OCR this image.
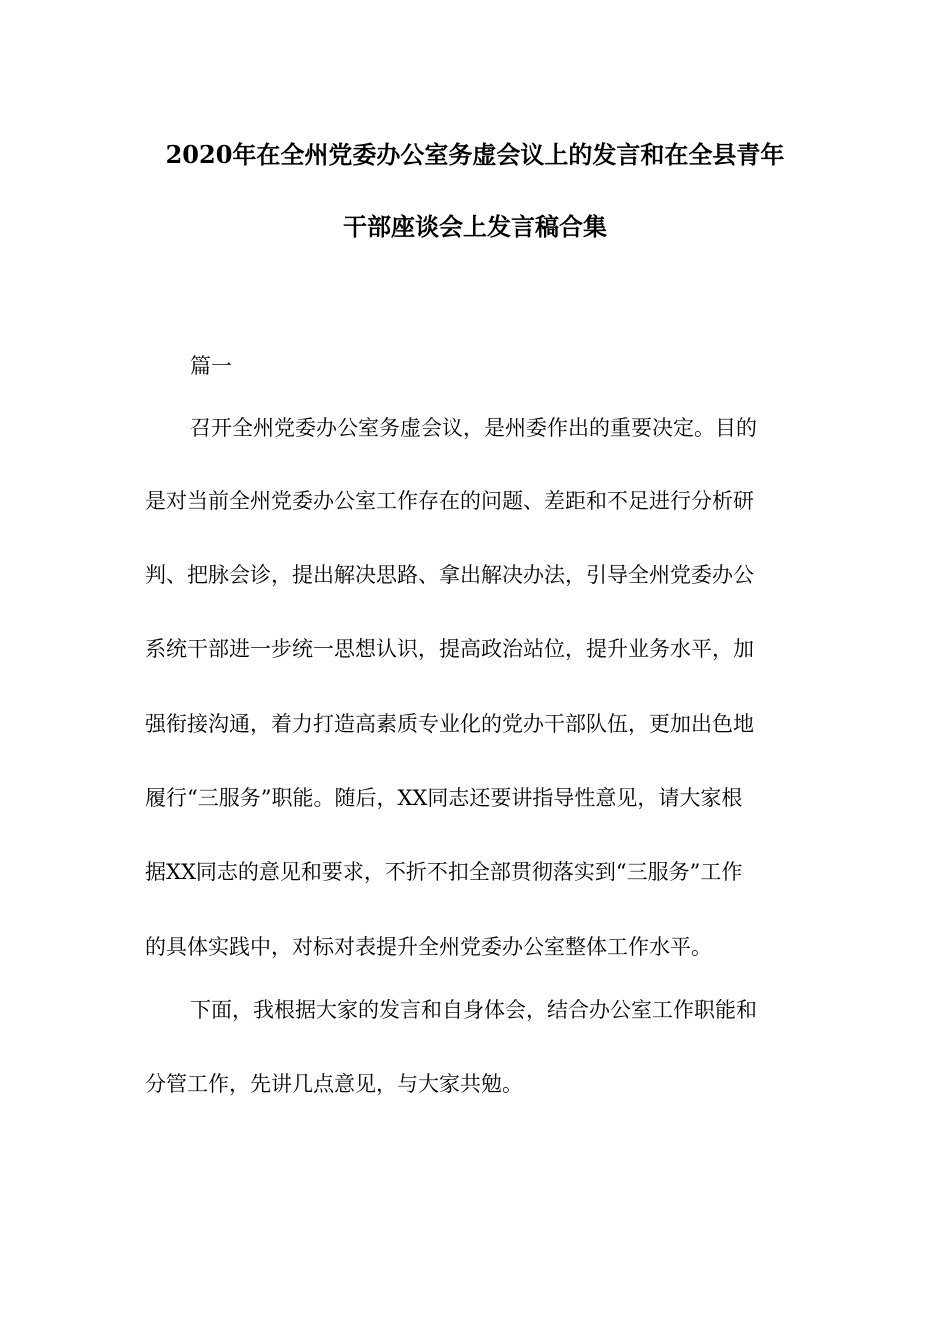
2020年在全州党委办公室务虚会议上的发言和在全县青年
干部座谈会上发言稿合集
篇一
召开全州党委办公室务虚会议，是州委作出的重要决定。目的
是对当前全州党委办公室工作存在的问题、差距和不足进行分析研
判、把脉会诊，提出解决思路、拿出解决办法，引导全州党委办公
系统干部进一步统一思想认识，提高政治站位，提升业务水平，加
强衔接沟通，着力打造高素质专业化的党办干部队伍，更加出色地
履行“三服务”职能。随后，XX同志还要讲指导性意见，请大家根
据XX同志的意见和要求，不折不扣全部贯彻落实到“三服务”工作
的具体实践中，对标对表提升全州党委办公室整体工作水平。
下面，我根据大家的发言和自身体会，结合办公室工作职能和
分管工作，先讲几点意见，与大家共勉。
